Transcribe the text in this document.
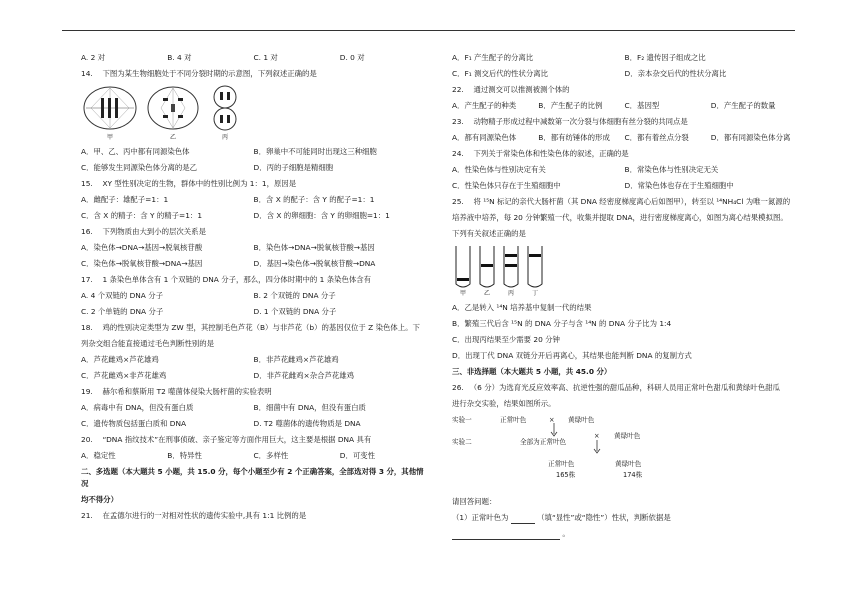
A. 2 对	B. 4 对	C. 1 对	D. 0 对
14. 　下图为某生物细胞处于不同分裂时期的示意图，下列叙述正确的是
甲	乙	丙
A．甲、乙、丙中都有同源染色体	B．卵巢中不可能同时出现这三种细胞
C．能够发生同源染色体分离的是乙	D．丙的子细胞是精细胞
15. 　XY 型性别决定的生物，群体中的性别比例为 1：1，原因是
A．雌配子：雄配子=1：1	B．含 X 的配子：含 Y 的配子=1：1
C．含 X 的精子：含 Y 的精子=1：1	D．含 X 的卵细胞：含 Y 的卵细胞=1：1
16. 　下列物质由大到小的层次关系是
A．染色体→DNA→基因→脱氧核苷酸	B．染色体→DNA→脱氧核苷酸→基因
C．染色体→脱氧核苷酸→DNA→基因	D．基因→染色体→脱氧核苷酸→DNA
17. 　1 条染色单体含有 1 个双链的 DNA 分子，那么，四分体时期中的 1 条染色体含有
A. 4 个双链的 DNA 分子	B. 2 个双链的 DNA 分子
C. 2 个单链的 DNA 分子	D. 1 个双链的 DNA 分子
18. 　鸡的性别决定类型为 ZW 型，其控制毛色芦花（B）与非芦花（b）的基因仅位于 Z 染色体上。下
列杂交组合能直接通过毛色判断性别的是
A．芦花雌鸡×芦花雄鸡	B．非芦花雌鸡×芦花雄鸡
C．芦花雌鸡×非芦花雄鸡	D．非芦花雌鸡×杂合芦花雄鸡
19. 　赫尔希和蔡斯用 T2 噬菌体侵染大肠杆菌的实验表明
A．病毒中有 DNA，但没有蛋白质	B．细菌中有 DNA，但没有蛋白质
C．遗传物质包括蛋白质和 DNA	D. T2 噬菌体的遗传物质是 DNA
20. 　“DNA 指纹技术”在刑事侦破、亲子鉴定等方面作用巨大，这主要是根据 DNA 具有
A．稳定性	B．特异性	C．多样性	D．可变性
二、多选题（本大题共 5 小题，共 15.0 分，每个小题至少有 2 个正确答案，全部选对得 3 分，其他情况
均不得分）
21. 　在孟德尔进行的一对相对性状的遗传实验中,具有 1:1 比例的是
A．F₁ 产生配子的分离比	B．F₂ 遗传因子组成之比
C．F₁ 测交后代的性状分离比	D．亲本杂交后代的性状分离比
22. 　通过测交可以推测被测个体的
A．产生配子的种类	B．产生配子的比例	C．基因型	D．产生配子的数量
23. 　动物精子形成过程中减数第一次分裂与体细胞有丝分裂的共同点是
A．都有同源染色体	B．都有纺锤体的形成	C．都有着丝点分裂	D．都有同源染色体分离
24. 　下列关于常染色体和性染色体的叙述，正确的是
A．性染色体与性别决定有关	B．常染色体与性别决定无关
C．性染色体只存在于生殖细胞中	D．常染色体也存在于生殖细胞中
25. 　将 ¹⁵N 标记的亲代大肠杆菌（其 DNA 经密度梯度离心后如图甲），转至以 ¹⁴NH₄Cl 为唯一氮源的
培养液中培养，每 20 分钟繁殖一代，收集并提取 DNA，进行密度梯度离心，如图为离心结果模拟图。
下列有关叙述正确的是
甲	乙	丙	丁
A．乙是转入 ¹⁴N 培养基中复制一代的结果
B．繁殖三代后含 ¹⁵N 的 DNA 分子与含 ¹⁴N 的 DNA 分子比为 1:4
C．出现丙结果至少需要 20 分钟
D．出现丁代 DNA 双链分开后再离心，其结果也能判断 DNA 的复制方式
三、非选择题（本大题共 5 小题，共 45.0 分）
26. 　（6 分）为选育光反应效率高、抗逆性强的甜瓜品种，科研人员用正常叶色甜瓜和黄绿叶色甜瓜
进行杂交实验，结果如图所示。
实验一	正常叶色	× 黄绿叶色
实验二	全部为正常叶色
× 黄绿叶色
正常叶色	黄绿叶色
165株	174株
请回答问题：
（1）正常叶色为	（填“显性”或“隐性”）性状，判断依据是
。
